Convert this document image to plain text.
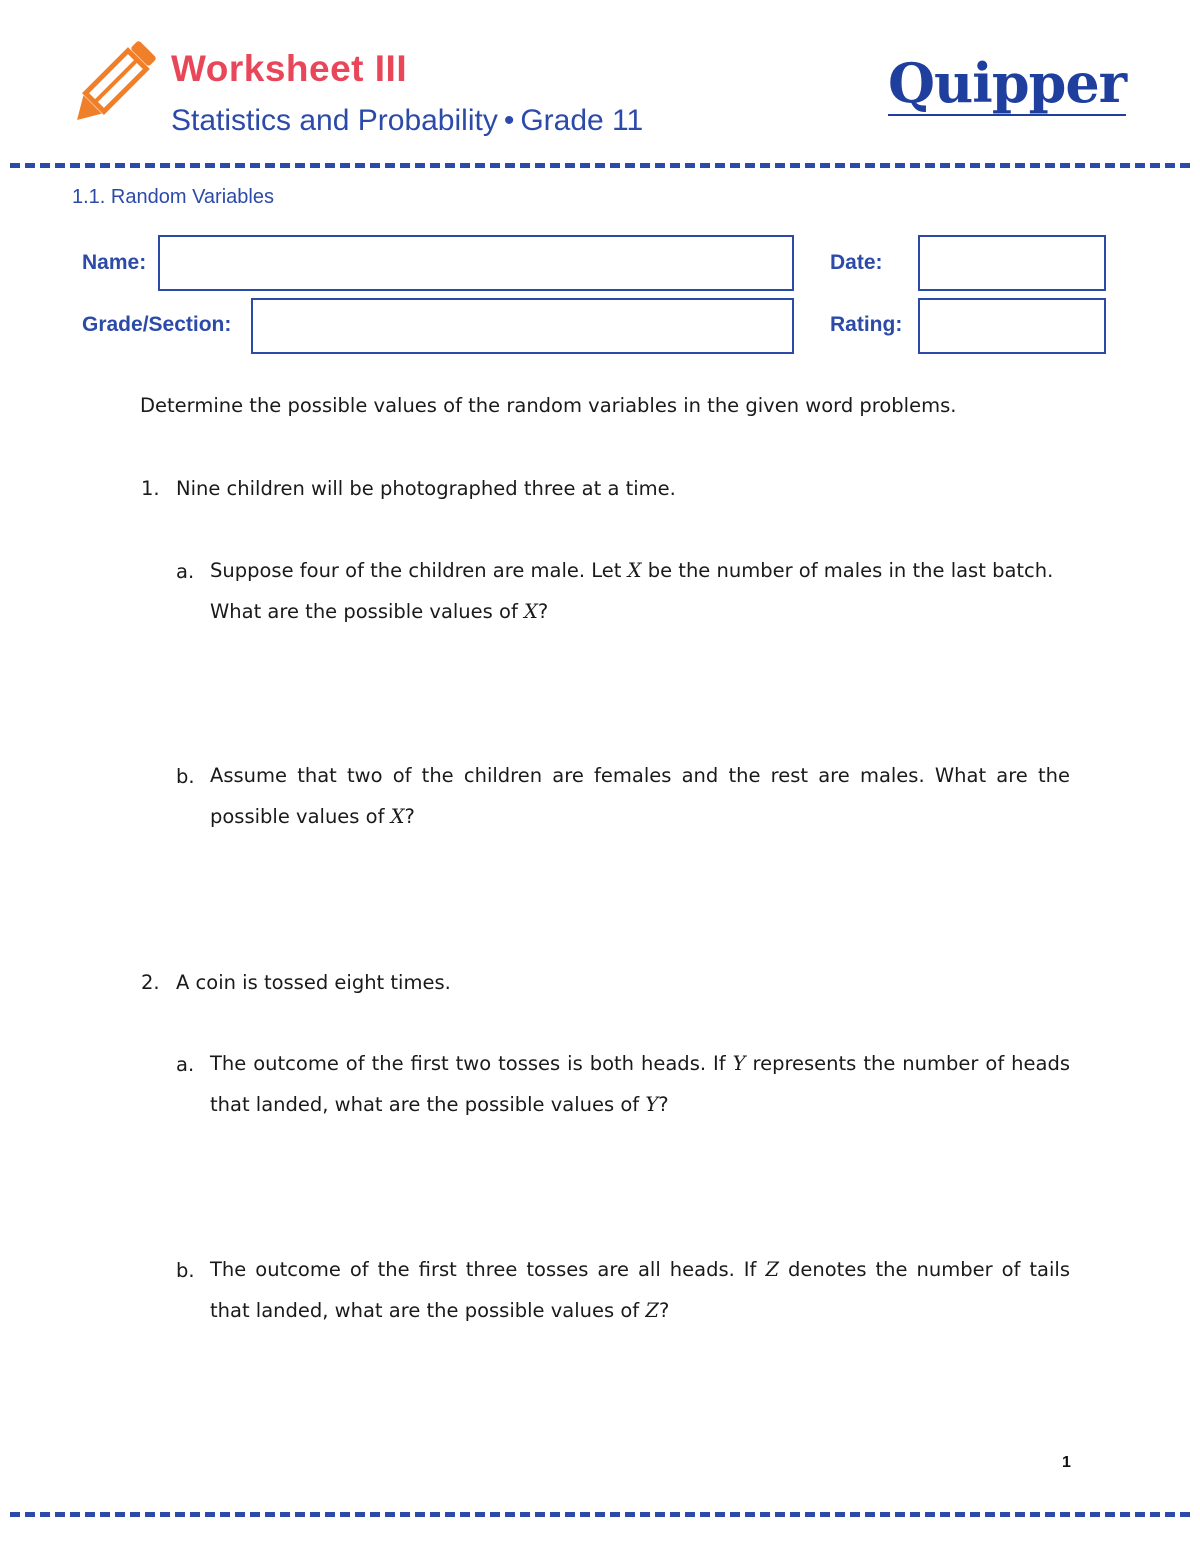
Worksheet III
Statistics and Probability • Grade 11
Quipper
1.1. Random Variables
Name:	Date:
Grade/Section:	Rating:
Determine the possible values of the random variables in the given word problems.
1. Nine children will be photographed three at a time.
a. Suppose four of the children are male. Let X be the number of males in the last batch.
What are the possible values of X?
b. Assume that two of the children are females and the rest are males. What are the
possible values of X?
2. A coin is tossed eight times.
a. The outcome of the first two tosses is both heads. If Y represents the number of heads
that landed, what are the possible values of Y?
b. The outcome of the first three tosses are all heads. If Z denotes the number of tails
that landed, what are the possible values of Z?
1
